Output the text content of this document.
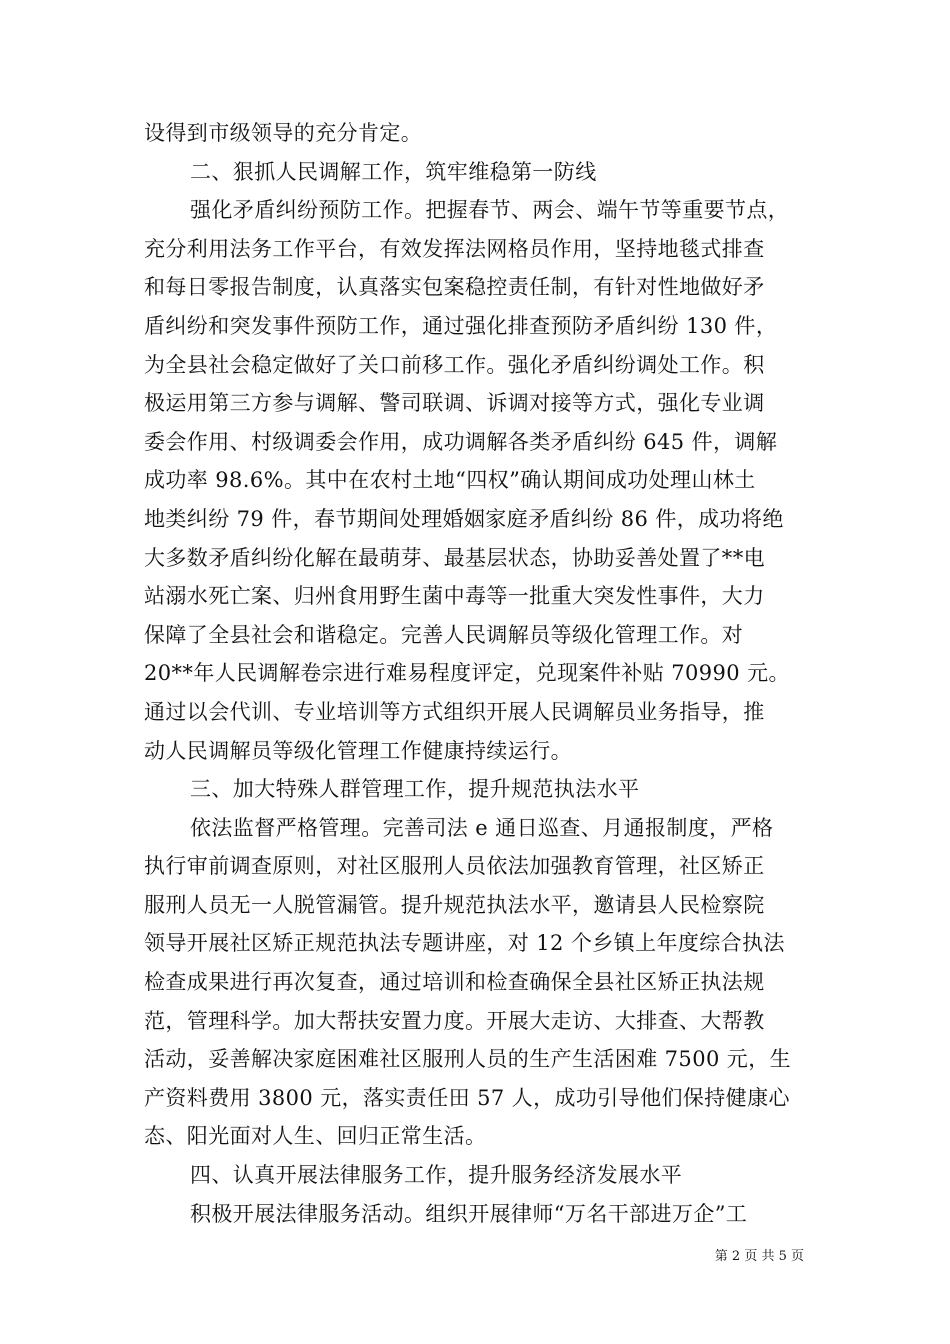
设得到市级领导的充分肯定。
二、狠抓人民调解工作，筑牢维稳第一防线
强化矛盾纠纷预防工作。把握春节、两会、端午节等重要节点，
充分利用法务工作平台，有效发挥法网格员作用，坚持地毯式排查
和每日零报告制度，认真落实包案稳控责任制，有针对性地做好矛
盾纠纷和突发事件预防工作，通过强化排查预防矛盾纠纷 130 件，
为全县社会稳定做好了关口前移工作。强化矛盾纠纷调处工作。积
极运用第三方参与调解、警司联调、诉调对接等方式，强化专业调
委会作用、村级调委会作用，成功调解各类矛盾纠纷 645 件，调解
成功率 98.6%。其中在农村土地“四权”确认期间成功处理山林土
地类纠纷 79 件，春节期间处理婚姻家庭矛盾纠纷 86 件，成功将绝
大多数矛盾纠纷化解在最萌芽、最基层状态，协助妥善处置了**电
站溺水死亡案、归州食用野生菌中毒等一批重大突发性事件，大力
保障了全县社会和谐稳定。完善人民调解员等级化管理工作。对
20**年人民调解卷宗进行难易程度评定，兑现案件补贴 70990 元。
通过以会代训、专业培训等方式组织开展人民调解员业务指导，推
动人民调解员等级化管理工作健康持续运行。
三、加大特殊人群管理工作，提升规范执法水平
依法监督严格管理。完善司法 e 通日巡查、月通报制度，严格
执行审前调查原则，对社区服刑人员依法加强教育管理，社区矫正
服刑人员无一人脱管漏管。提升规范执法水平，邀请县人民检察院
领导开展社区矫正规范执法专题讲座，对 12 个乡镇上年度综合执法
检查成果进行再次复查，通过培训和检查确保全县社区矫正执法规
范，管理科学。加大帮扶安置力度。开展大走访、大排查、大帮教
活动，妥善解决家庭困难社区服刑人员的生产生活困难 7500 元，生
产资料费用 3800 元，落实责任田 57 人，成功引导他们保持健康心
态、阳光面对人生、回归正常生活。
四、认真开展法律服务工作，提升服务经济发展水平
积极开展法律服务活动。组织开展律师“万名干部进万企”工
第 2 页 共 5 页
